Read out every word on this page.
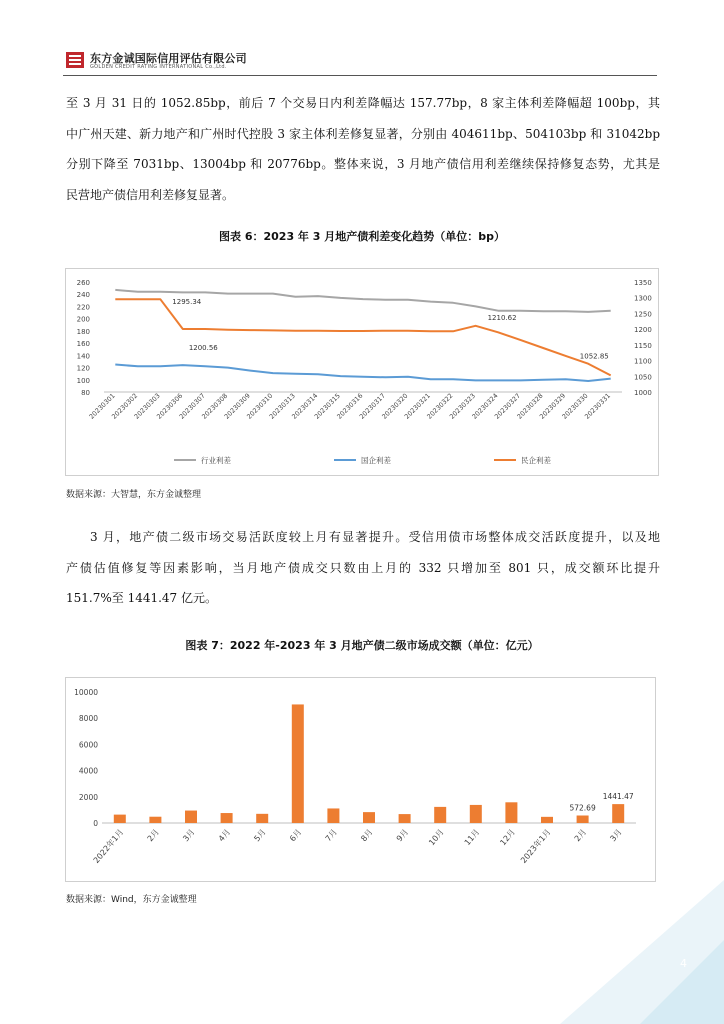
东方金诚国际信用评估有限公司
GOLDEN CREDIT RATING INTERNATIONAL Co.,Ltd.

至 3 月 31 日的 1052.85bp，前后 7 个交易日内利差降幅达 157.77bp，8 家主体利差降幅超 100bp，其

中广州天建、新力地产和广州时代控股 3 家主体利差修复显著，分别由 404611bp、504103bp 和 31042bp

分别下降至 7031bp、13004bp 和 20776bp。整体来说，3 月地产债信用利差继续保持修复态势，尤其是

民营地产债信用利差修复显著。

图表 6：2023 年 3 月地产债利差变化趋势（单位：bp）
260
240
220
200
180
160
140
120
100
80
1350
1300
1250
1200
1150
1100
1050
1000
20230301
20230302
20230303
20230306
20230307
20230308
20230309
20230310
20230313
20230314
20230315
20230316
20230317
20230320
20230321
20230322
20230323
20230324
20230327
20230328
20230329
20230330
20230331
1295.34
1200.56
1210.62
1052.85
行业利差	国企利差	民企利差
数据来源：大智慧，东方金诚整理

3 月，地产债二级市场交易活跃度较上月有显著提升。受信用债市场整体成交活跃度提升，以及地

产债估值修复等因素影响，当月地产债成交只数由上月的 332 只增加至 801 只，成交额环比提升

151.7%至 1441.47 亿元。

图表 7：2022 年-2023 年 3 月地产债二级市场成交额（单位：亿元）
10000
8000
6000
4000
2000
0
2022年1月	2月	3月	4月	5月	6月	7月	8月	9月 10月 11月 12月 2023年1月	2月	3月
572.69
1441.47
数据来源：Wind，东方金诚整理
4
